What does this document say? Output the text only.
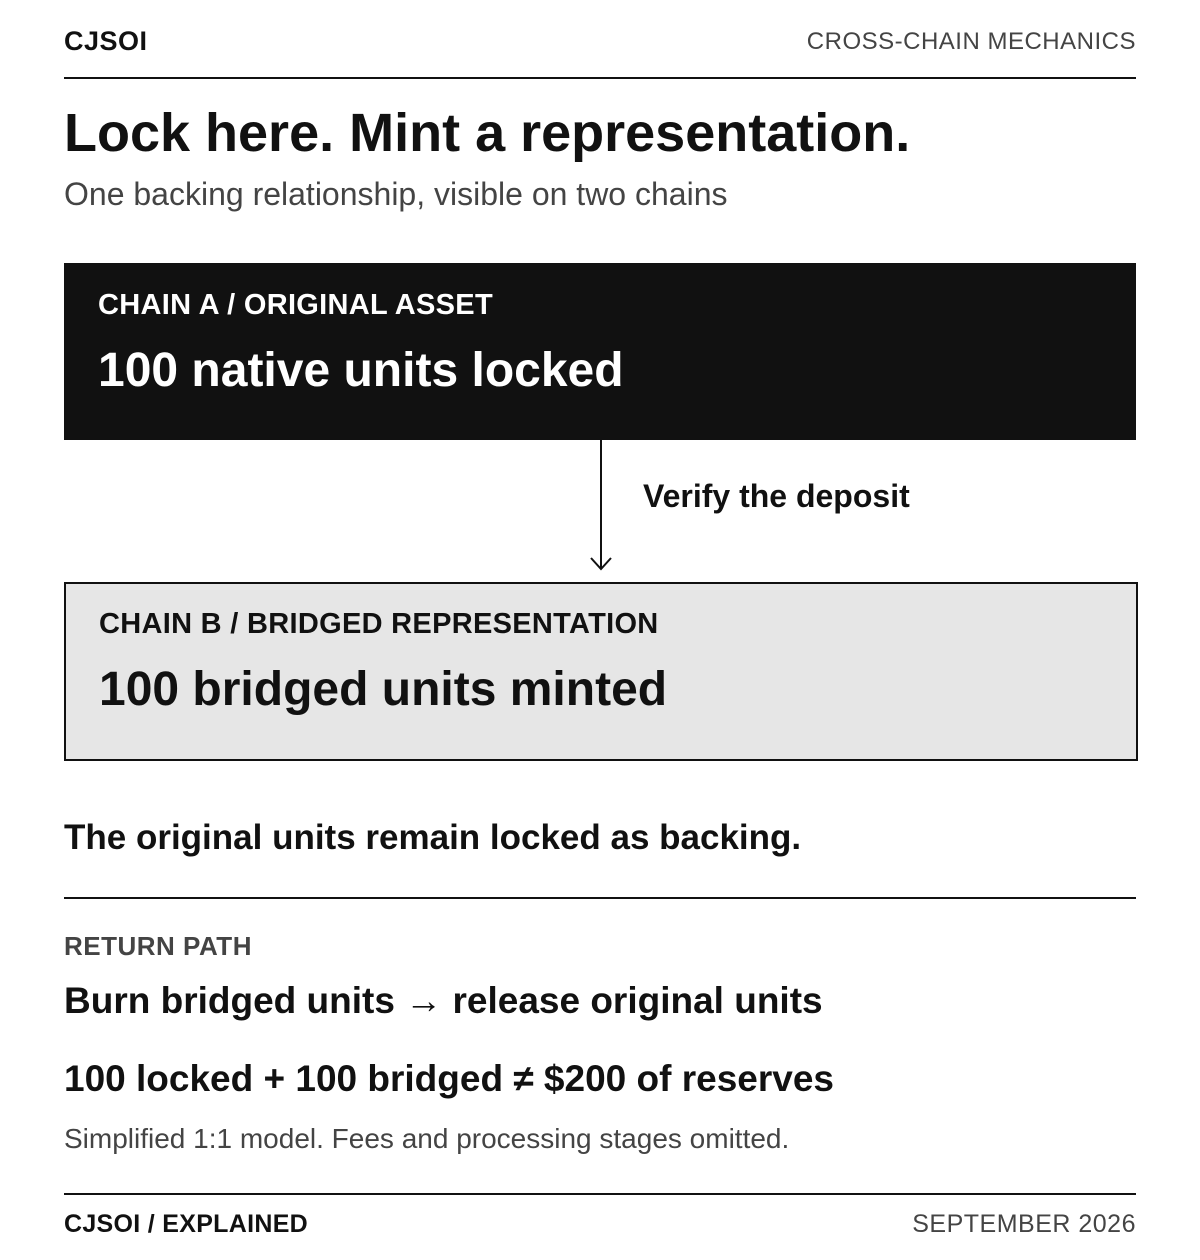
CJSOI	CROSS-CHAIN MECHANICS
Lock here. Mint a representation.
One backing relationship, visible on two chains
CHAIN A / ORIGINAL ASSET
100 native units locked
Verify the deposit
CHAIN B / BRIDGED REPRESENTATION
100 bridged units minted
The original units remain locked as backing.
RETURN PATH
Burn bridged units → release original units
100 locked + 100 bridged ≠ $200 of reserves
Simplified 1:1 model. Fees and processing stages omitted.
CJSOI / EXPLAINED	SEPTEMBER 2026
